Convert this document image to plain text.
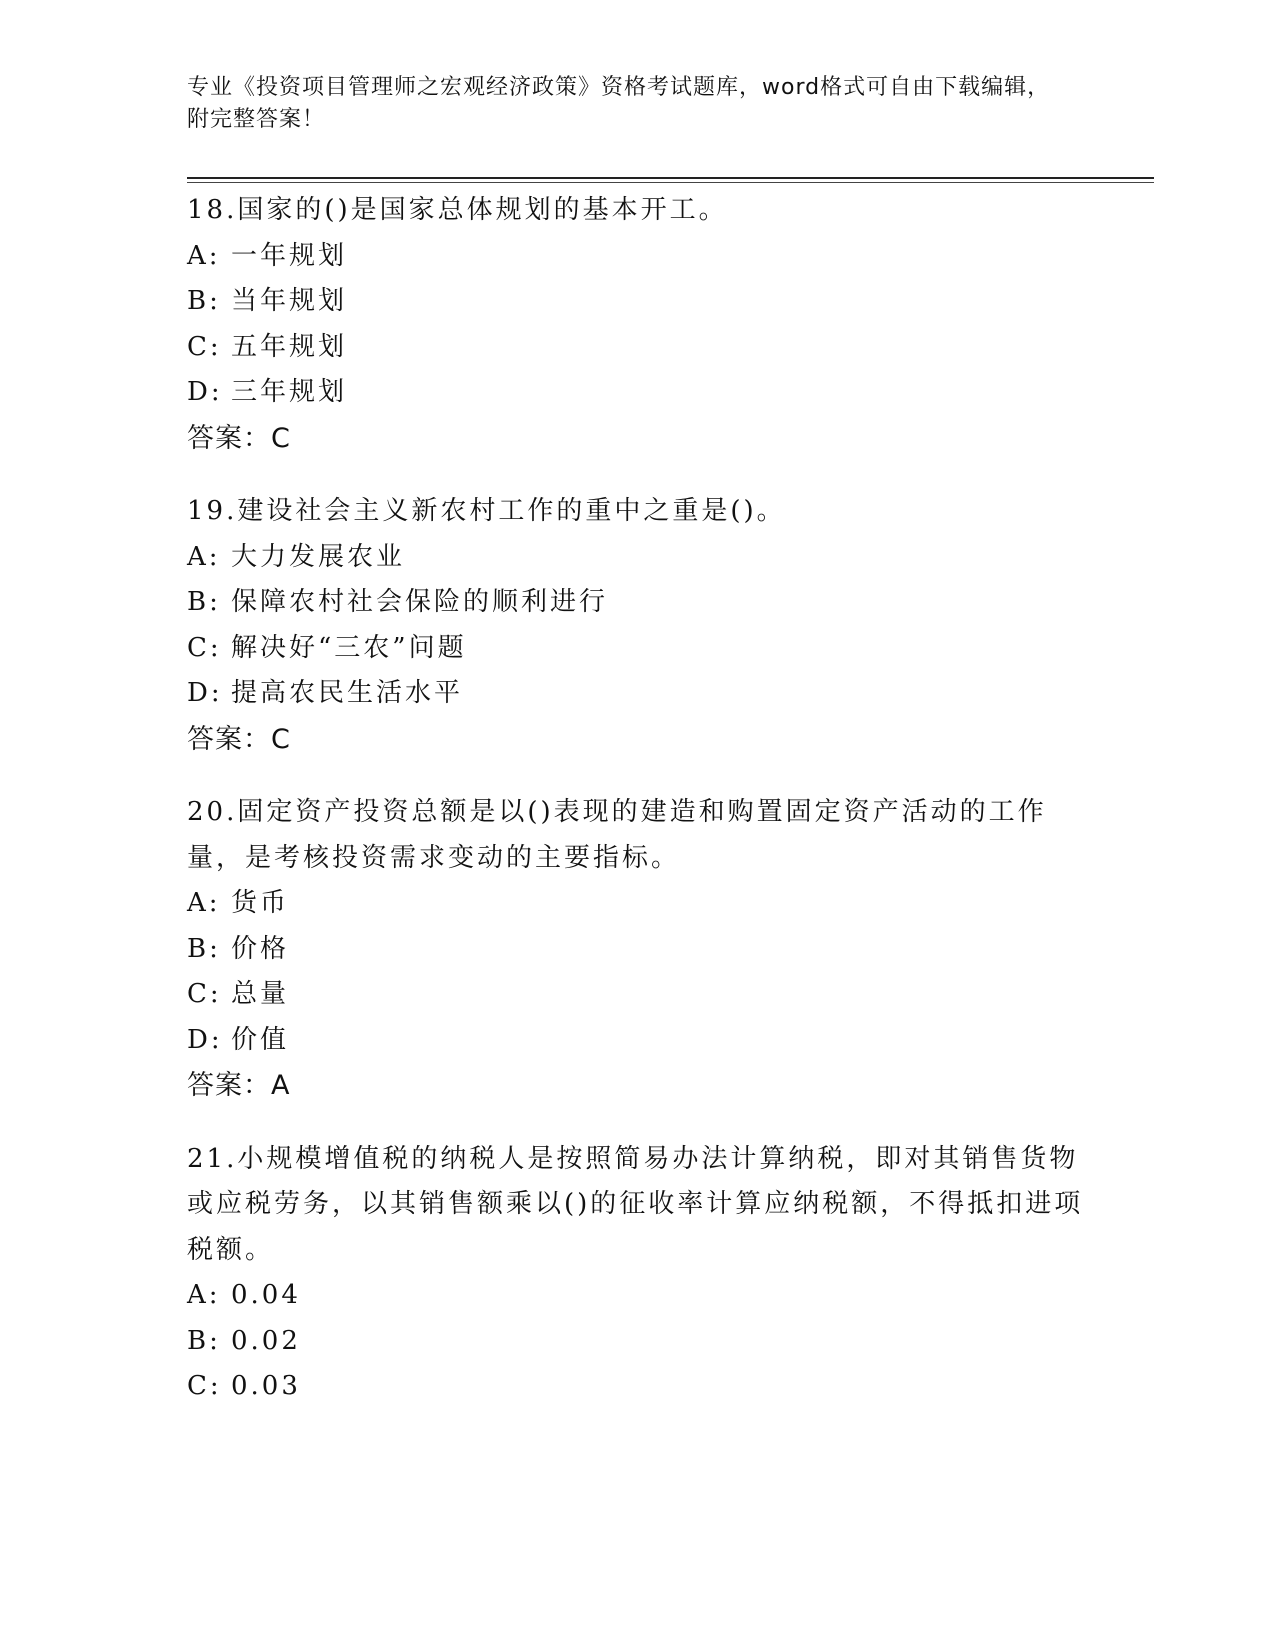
专业《投资项目管理师之宏观经济政策》资格考试题库，word格式可自由下载编辑，附完整答案！
18.国家的()是国家总体规划的基本开工。
A: 一年规划
B: 当年规划
C: 五年规划
D: 三年规划
答案：C
19.建设社会主义新农村工作的重中之重是()。
A: 大力发展农业
B: 保障农村社会保险的顺利进行
C: 解决好“三农”问题
D: 提高农民生活水平
答案：C
20.固定资产投资总额是以()表现的建造和购置固定资产活动的工作量，是考核投资需求变动的主要指标。
A: 货币
B: 价格
C: 总量
D: 价值
答案：A
21.小规模增值税的纳税人是按照简易办法计算纳税，即对其销售货物或应税劳务，以其销售额乘以()的征收率计算应纳税额，不得抵扣进项税额。
A: 0.04
B: 0.02
C: 0.03
